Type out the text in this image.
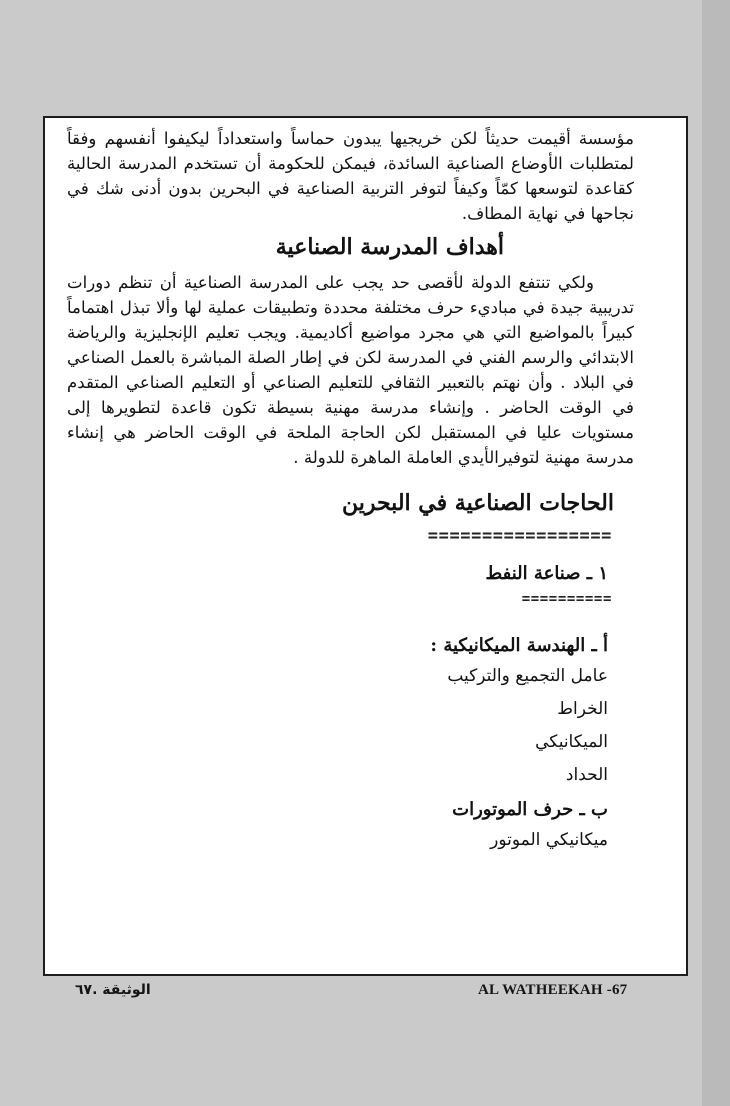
مؤسسة أقيمت حديثاً لكن خريجيها يبدون حماساً واستعداداً ليكيفوا أنفسهم وفقاً لمتطلبات الأوضاع الصناعية السائدة، فيمكن للحكومة أن تستخدم المدرسة الحالية كقاعدة لتوسعها كمّاً وكيفاً لتوفر التربية الصناعية في البحرين بدون أدنى شك في نجاحها في نهاية المطاف.

أهداف المدرسة الصناعية

ولكي تنتفع الدولة لأقصى حد يجب على المدرسة الصناعية أن تنظم دورات تدريبية جيدة في مباديء حرف مختلفة محددة وتطبيقات عملية لها وألا تبذل اهتماماً كبيراً بالمواضيع التي هي مجرد مواضيع أكاديمية. ويجب تعليم الإنجليزية والرياضة الابتدائي والرسم الفني في المدرسة لكن في إطار الصلة المباشرة بالعمل الصناعي في البلاد . وأن نهتم بالتعبير الثقافي للتعليم الصناعي أو التعليم الصناعي المتقدم في الوقت الحاضر . وإنشاء مدرسة مهنية بسيطة تكون قاعدة لتطويرها إلى مستويات عليا في المستقبل لكن الحاجة الملحة في الوقت الحاضر هي إنشاء مدرسة مهنية لتوفيرالأيدي العاملة الماهرة للدولة .

الحاجات الصناعية في البحرين
=================
١ ـ صناعة النفط
==========
أ ـ الهندسة الميكانيكية :
عامل التجميع والتركيب
الخراط
الميكانيكي
الحداد
ب ـ حرف الموتورات
ميكانيكي الموتور
AL WATHEEKAH -67
الوثيقة .٦٧
